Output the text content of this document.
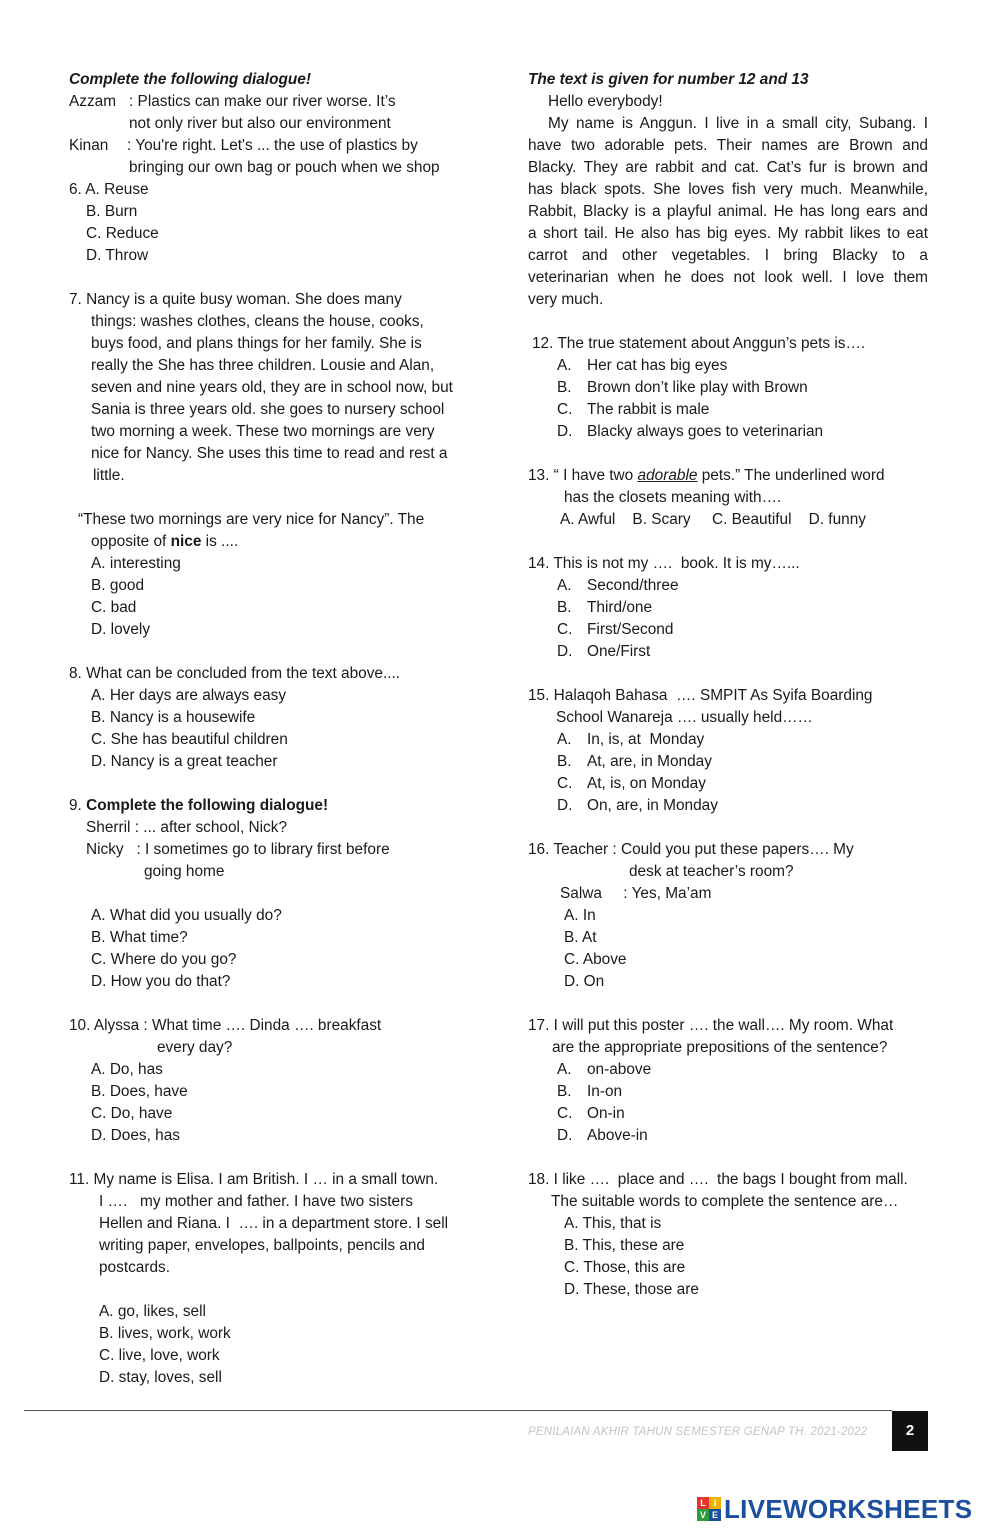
Complete the following dialogue!
Azzam : Plastics can make our river worse. It’s
not only river but also our environment
Kinan	: You're right. Let's ... the use of plastics by
bringing our own bag or pouch when we shop
6. A. Reuse
B. Burn
C. Reduce
D. Throw
7. Nancy is a quite busy woman. She does many
things: washes clothes, cleans the house, cooks,
buys food, and plans things for her family. She is
really the She has three children. Lousie and Alan,
seven and nine years old, they are in school now, but
Sania is three years old. she goes to nursery school
two morning a week. These two mornings are very
nice for Nancy. She uses this time to read and rest a
little.
“These two mornings are very nice for Nancy”. The
opposite of nice is ....
A. interesting
B. good
C. bad
D. lovely
8. What can be concluded from the text above....
A. Her days are always easy
B. Nancy is a housewife
C. She has beautiful children
D. Nancy is a great teacher
9. Complete the following dialogue!
Sherril : ... after school, Nick?
Nicky   : I sometimes go to library first before
going home
A. What did you usually do?
B. What time?
C. Where do you go?
D. How you do that?
10. Alyssa : What time …. Dinda …. breakfast
every day?
A. Do, has
B. Does, have
C. Do, have
D. Does, has
11. My name is Elisa. I am British. I … in a small town.
I ….   my mother and father. I have two sisters
Hellen and Riana. I  …. in a department store. I sell
writing paper, envelopes, ballpoints, pencils and
postcards.
A. go, likes, sell
B. lives, work, work
C. live, love, work
D. stay, loves, sell
The text is given for number 12 and 13
Hello everybody!
My name is Anggun. I live in a small city, Subang. I
have two adorable pets. Their names are Brown and
Blacky. They are rabbit and cat. Cat’s fur is brown and
has black spots. She loves fish very much. Meanwhile,
Rabbit, Blacky is a playful animal. He has long ears and
a short tail. He also has big eyes. My rabbit likes to eat
carrot and other vegetables. I bring Blacky to a
veterinarian when he does not look well. I love them
very much.
12. The true statement about Anggun’s pets is….
A.	Her cat has big eyes
B.	Brown don’t like play with Brown
C. The rabbit is male
D. Blacky always goes to veterinarian
13. “ I have two adorable pets.” The underlined word
has the closets meaning with….
A. Awful    B. Scary     C. Beautiful    D. funny
14. This is not my ….  book. It is my…...
A.	Second/three
B.	Third/one
C. First/Second
D. One/First
15. Halaqoh Bahasa  …. SMPIT As Syifa Boarding
School Wanareja …. usually held……
A.	In, is, at  Monday
B.	At, are, in Monday
C. At, is, on Monday
D. On, are, in Monday
16. Teacher : Could you put these papers…. My
desk at teacher’s room?
Salwa     : Yes, Ma’am
A. In
B. At
C. Above
D. On
17. I will put this poster …. the wall…. My room. What
are the appropriate prepositions of the sentence?
A.	on-above
B.	In-on
C. On-in
D. Above-in
18. I like ….  place and ….  the bags I bought from mall.
The suitable words to complete the sentence are…
A. This, that is
B. This, these are
C. Those, this are
D. These, those are
PENILAIAN AKHIR TAHUN SEMESTER GENAP TH. 2021-2022	2
L I
V E LIVEWORKSHEETS
